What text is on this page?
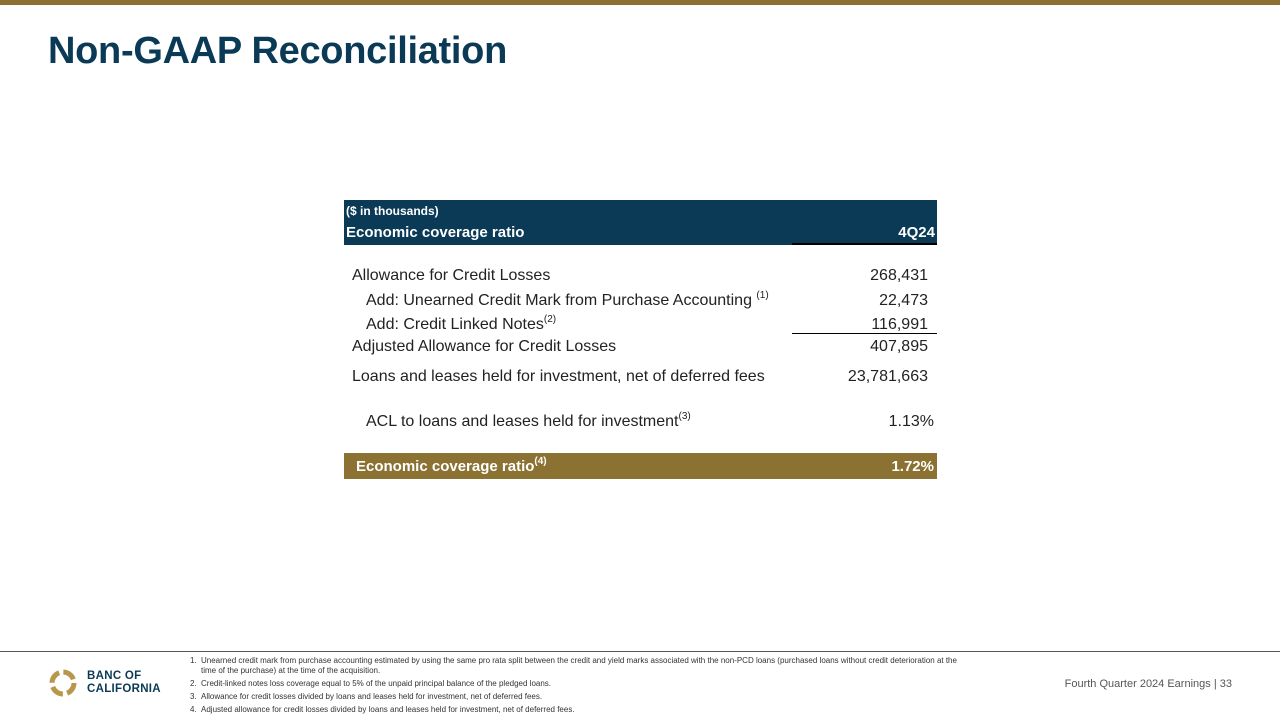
Non-GAAP Reconciliation
($ in thousands)
Economic coverage ratio	4Q24
Allowance for Credit Losses	268,431
Add: Unearned Credit Mark from Purchase Accounting $^{(1)}$	22,473
Add: Credit Linked Notes$^{(2)}$	116,991
Adjusted Allowance for Credit Losses	407,895
Loans and leases held for investment, net of deferred fees	23,781,663
ACL to loans and leases held for investment$^{(3)}$	1.13%
Economic coverage ratio$^{(4)}$	1.72%
BANC OF
CALIFORNIA
1. Unearned credit mark from purchase accounting estimated by using the same pro rata split between the credit and yield marks associated with the non-PCD loans (purchased loans without credit deterioration at the time of the purchase) at the time of the acquisition.
2. Credit-linked notes loss coverage equal to 5% of the unpaid principal balance of the pledged loans.
3. Allowance for credit losses divided by loans and leases held for investment, net of deferred fees.
4. Adjusted allowance for credit losses divided by loans and leases held for investment, net of deferred fees.
Fourth Quarter 2024 Earnings | 33
